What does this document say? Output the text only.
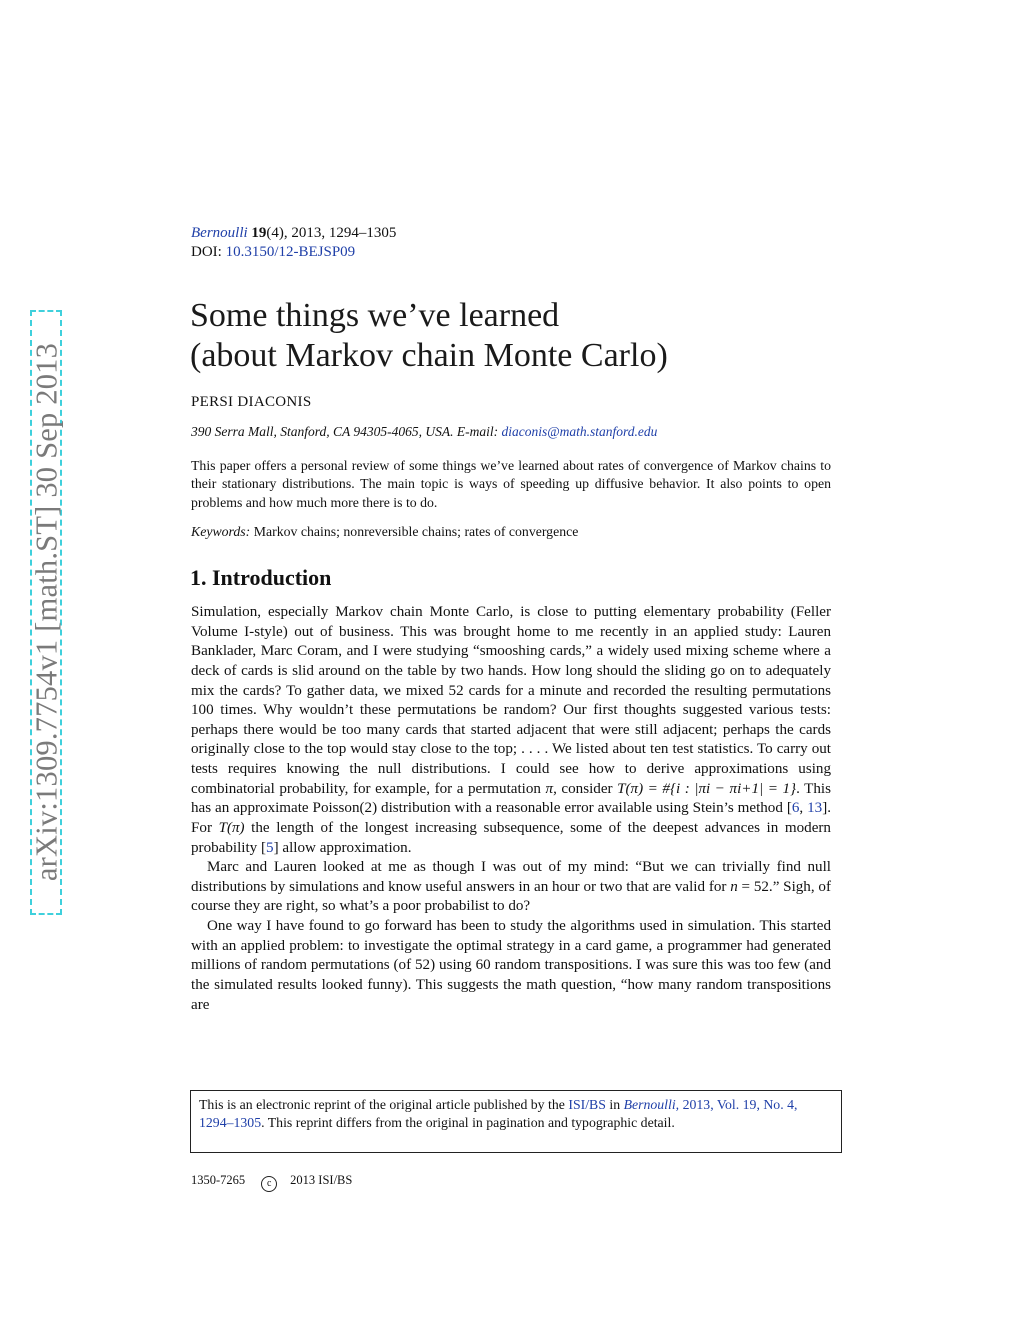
arXiv:1309.7754v1 [math.ST] 30 Sep 2013
Bernoulli 19(4), 2013, 1294–1305
DOI: 10.3150/12-BEJSP09
Some things we’ve learned
(about Markov chain Monte Carlo)
PERSI DIACONIS
390 Serra Mall, Stanford, CA 94305-4065, USA. E-mail: diaconis@math.stanford.edu
This paper offers a personal review of some things we’ve learned about rates of convergence of Markov chains to their stationary distributions. The main topic is ways of speeding up diffusive behavior. It also points to open problems and how much more there is to do.
Keywords: Markov chains; nonreversible chains; rates of convergence
1. Introduction

Simulation, especially Markov chain Monte Carlo, is close to putting elementary probability (Feller Volume I-style) out of business. This was brought home to me recently in an applied study: Lauren Banklader, Marc Coram, and I were studying “smooshing cards,” a widely used mixing scheme where a deck of cards is slid around on the table by two hands. How long should the sliding go on to adequately mix the cards? To gather data, we mixed 52 cards for a minute and recorded the resulting permutations 100 times. Why wouldn’t these permutations be random? Our first thoughts suggested various tests: perhaps there would be too many cards that started adjacent that were still adjacent; perhaps the cards originally close to the top would stay close to the top; . . . . We listed about ten test statistics. To carry out tests requires knowing the null distributions. I could see how to derive approximations using combinatorial probability, for example, for a permutation π, consider T(π) = #{i : |πi − πi+1| = 1}. This has an approximate Poisson(2) distribution with a reasonable error available using Stein’s method [6, 13]. For T(π) the length of the longest increasing subsequence, some of the deepest advances in modern probability [5] allow approximation.

Marc and Lauren looked at me as though I was out of my mind: “But we can trivially find null distributions by simulations and know useful answers in an hour or two that are valid for n = 52.” Sigh, of course they are right, so what’s a poor probabilist to do?

One way I have found to go forward has been to study the algorithms used in simulation. This started with an applied problem: to investigate the optimal strategy in a card game, a programmer had generated millions of random permutations (of 52) using 60 random transpositions. I was sure this was too few (and the simulated results looked funny). This suggests the math question, “how many random transpositions are

This is an electronic reprint of the original article published by the ISI/BS in Bernoulli, 2013, Vol. 19, No. 4, 1294–1305. This reprint differs from the original in pagination and typographic detail.
1350-7265 c 2013 ISI/BS
